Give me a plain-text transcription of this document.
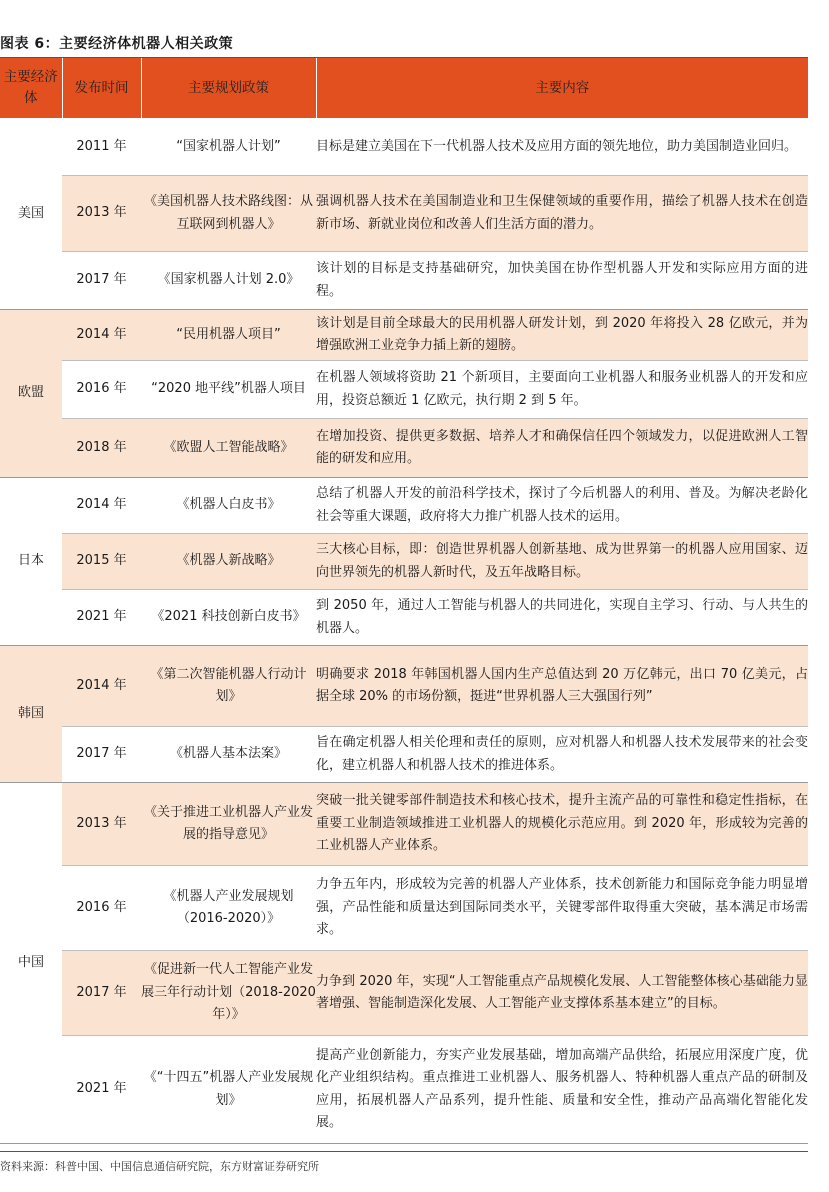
图表 6：主要经济体机器人相关政策
主要经济体	发布时间	主要规划政策	主要内容
美国	2011 年	“国家机器人计划”	目标是建立美国在下一代机器人技术及应用方面的领先地位，助力美国制造业回归。
	2013 年	《美国机器人技术路线图：从互联网到机器人》	强调机器人技术在美国制造业和卫生保健领域的重要作用，描绘了机器人技术在创造新市场、新就业岗位和改善人们生活方面的潜力。
	2017 年	《国家机器人计划 2.0》	该计划的目标是支持基础研究，加快美国在协作型机器人开发和实际应用方面的进程。
欧盟	2014 年	“民用机器人项目”	该计划是目前全球最大的民用机器人研发计划，到 2020 年将投入 28 亿欧元，并为增强欧洲工业竞争力插上新的翅膀。
	2016 年	“2020 地平线”机器人项目	在机器人领域将资助 21 个新项目，主要面向工业机器人和服务业机器人的开发和应用，投资总额近 1 亿欧元，执行期 2 到 5 年。
	2018 年	《欧盟人工智能战略》	在增加投资、提供更多数据、培养人才和确保信任四个领域发力，以促进欧洲人工智能的研发和应用。
日本	2014 年	《机器人白皮书》	总结了机器人开发的前沿科学技术，探讨了今后机器人的利用、普及。为解决老龄化社会等重大课题，政府将大力推广机器人技术的运用。
	2015 年	《机器人新战略》	三大核心目标，即：创造世界机器人创新基地、成为世界第一的机器人应用国家、迈向世界领先的机器人新时代，及五年战略目标。
	2021 年	《2021 科技创新白皮书》	到 2050 年，通过人工智能与机器人的共同进化，实现自主学习、行动、与人共生的机器人。
韩国	2014 年	《第二次智能机器人行动计划》	明确要求 2018 年韩国机器人国内生产总值达到 20 万亿韩元，出口 70 亿美元，占据全球 20% 的市场份额，挺进“世界机器人三大强国行列”
	2017 年	《机器人基本法案》	旨在确定机器人相关伦理和责任的原则，应对机器人和机器人技术发展带来的社会变化，建立机器人和机器人技术的推进体系。
中国	2013 年	《关于推进工业机器人产业发展的指导意见》	突破一批关键零部件制造技术和核心技术，提升主流产品的可靠性和稳定性指标，在重要工业制造领域推进工业机器人的规模化示范应用。到 2020 年，形成较为完善的工业机器人产业体系。
	2016 年	《机器人产业发展规划（2016-2020）》	力争五年内，形成较为完善的机器人产业体系，技术创新能力和国际竞争能力明显增强，产品性能和质量达到国际同类水平，关键零部件取得重大突破，基本满足市场需求。
	2017 年	《促进新一代人工智能产业发展三年行动计划（2018-2020 年）》	力争到 2020 年，实现“人工智能重点产品规模化发展、人工智能整体核心基础能力显著增强、智能制造深化发展、人工智能产业支撑体系基本建立”的目标。
	2021 年	《“十四五”机器人产业发展规划》	提高产业创新能力，夯实产业发展基础，增加高端产品供给，拓展应用深度广度，优化产业组织结构。重点推进工业机器人、服务机器人、特种机器人重点产品的研制及应用，拓展机器人产品系列，提升性能、质量和安全性，推动产品高端化智能化发展。
资料来源：科普中国、中国信息通信研究院，东方财富证券研究所
